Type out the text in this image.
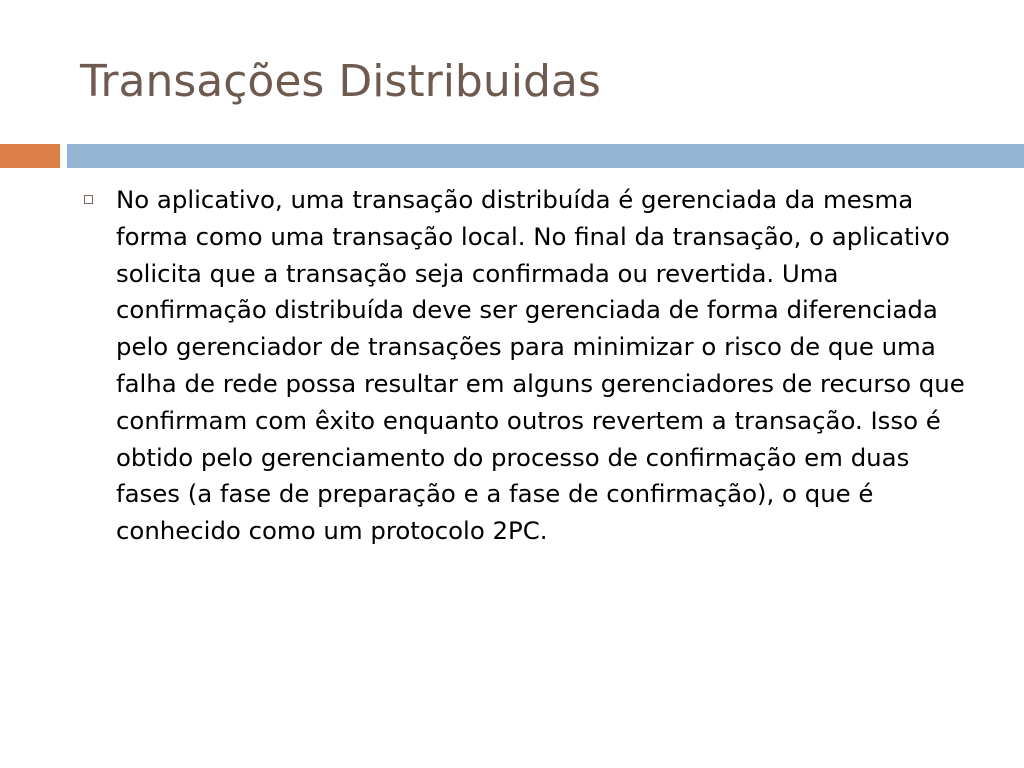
Transações Distribuidas

No aplicativo, uma transação distribuída é gerenciada da mesma forma como uma transação local. No final da transação, o aplicativo solicita que a transação seja confirmada ou revertida. Uma confirmação distribuída deve ser gerenciada de forma diferenciada pelo gerenciador de transações para minimizar o risco de que uma falha de rede possa resultar em alguns gerenciadores de recurso que confirmam com êxito enquanto outros revertem a transação. Isso é obtido pelo gerenciamento do processo de confirmação em duas fases (a fase de preparação e a fase de confirmação), o que é conhecido como um protocolo 2PC.
